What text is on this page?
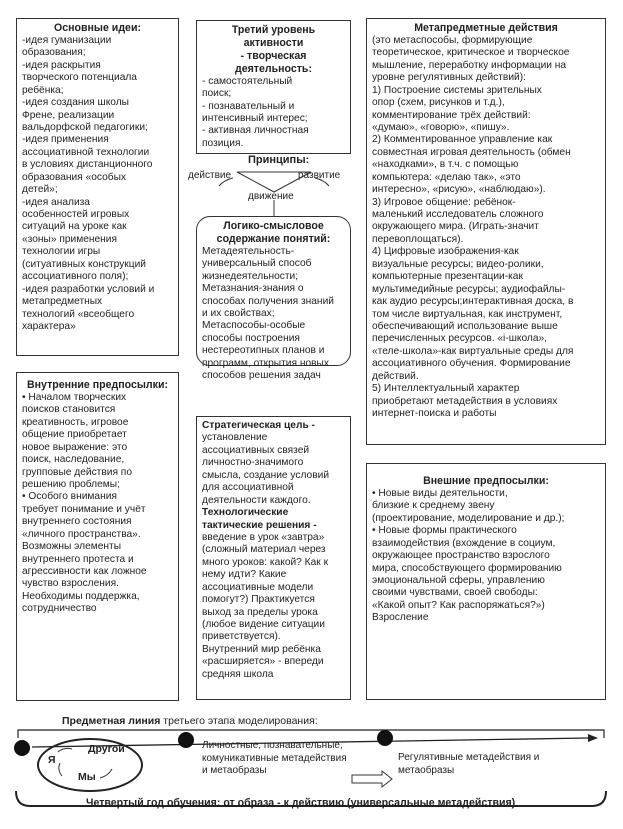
Основные идеи:
-идея гуманизации
образования;
-идея раскрытия
творческого потенциала
ребёнка;
-идея создания школы
Френе, реализации
вальдорфской педагогики;
-идея применения
ассоциативной технологии
в условиях дистанционного
образования «особых
детей»;
-идея анализа
особенностей игровых
ситуаций на уроке как
«зоны» применения
технологии игры
(ситуативных конструкций
ассоциативного поля);
-идея разработки условий и
метапредметных
технологий «всеобщего
характера»
Третий уровень
активности
- творческая
деятельность:
- самостоятельный
поиск;
- познавательный и
интенсивный интерес;
- активная личностная
позиция.
Принципы:
действие	развитие
движение
Логико-смысловое
содержание понятий:
Метадеятельность-
универсальный способ
жизнедеятельности;
Метазнания-знания о
способах получения знаний
и их свойствах;
Метаспособы-особые
способы построения
нестереотипных планов и
программ, открытия новых
способов решения задач
Метапредметные действия
(это метаспособы, формирующие
теоретическое, критическое и творческое
мышление, переработку информации на
уровне регулятивных действий):
1) Построение системы зрительных
опор (схем, рисунков и т.д.),
комментирование трёх действий:
«думаю», «говорю», «пишу».
2) Комментированное управление как
совместная игровая деятельность (обмен
«находками», в т.ч. с помощью
компьютера: «делаю так», «это
интересно», «рисую», «наблюдаю»).
3) Игровое общение: ребёнок-
маленький исследователь сложного
окружающего мира. (Играть-значит
перевоплощаться).
4) Цифровые изображения-как
визуальные ресурсы; видео-ролики,
компьютерные презентации-как
мультимедийные ресурсы; аудиофайлы-
как аудио ресурсы;интерактивная доска, в
том числе виртуальная, как инструмент,
обеспечивающий использование выше
перечисленных ресурсов. «i-школа»,
«теле-школа»-как виртуальные среды для
ассоциативного обучения. Формирование
действий.
5) Интеллектуальный характер
приобретают метадействия в условиях
интернет-поиска и работы
Внутренние предпосылки:
• Началом творческих
поисков становится
креативность, игровое
общение приобретает
новое выражение: это
поиск, наследование,
групповые действия по
решению проблемы;
• Особого внимания
требует понимание и учёт
внутреннего состояния
«личного пространства».
Возможны элементы
внутреннего протеста и
агрессивности как ложное
чувство взросления.
Необходимы поддержка,
сотрудничество
Стратегическая цель -
установление
ассоциативных связей
личностно-значимого
смысла, создание условий
для ассоциативной
деятельности каждого.
Технологические
тактические решения -
введение в урок «завтра»
(сложный материал через
много уроков: какой? Как к
нему идти? Какие
ассоциативные модели
помогут?) Практикуется
выход за пределы урока
(любое видение ситуации
приветствуется).
Внутренний мир ребёнка
«расширяется» - впереди
средняя школа
Внешние предпосылки:
• Новые виды деятельности,
близкие к среднему звену
(проектирование, моделирование и др.);
• Новые формы практического
взаимодействия (вхождение в социум,
окружающее пространство взрослого
мира, способствующего формированию
эмоциональной сферы, управлению
своими чувствами, своей свободы:
«Какой опыт? Как распоряжаться?»)
Взросление
Предметная линия третьего этапа моделирования:
Я
Другой
Мы
Личностные, познавательные,
комуникативные метадействия
и метаобразы
Регулятивные метадействия и
метаобразы
Четвертый год обучения: от образа - к действию (универсальные метадействия)
